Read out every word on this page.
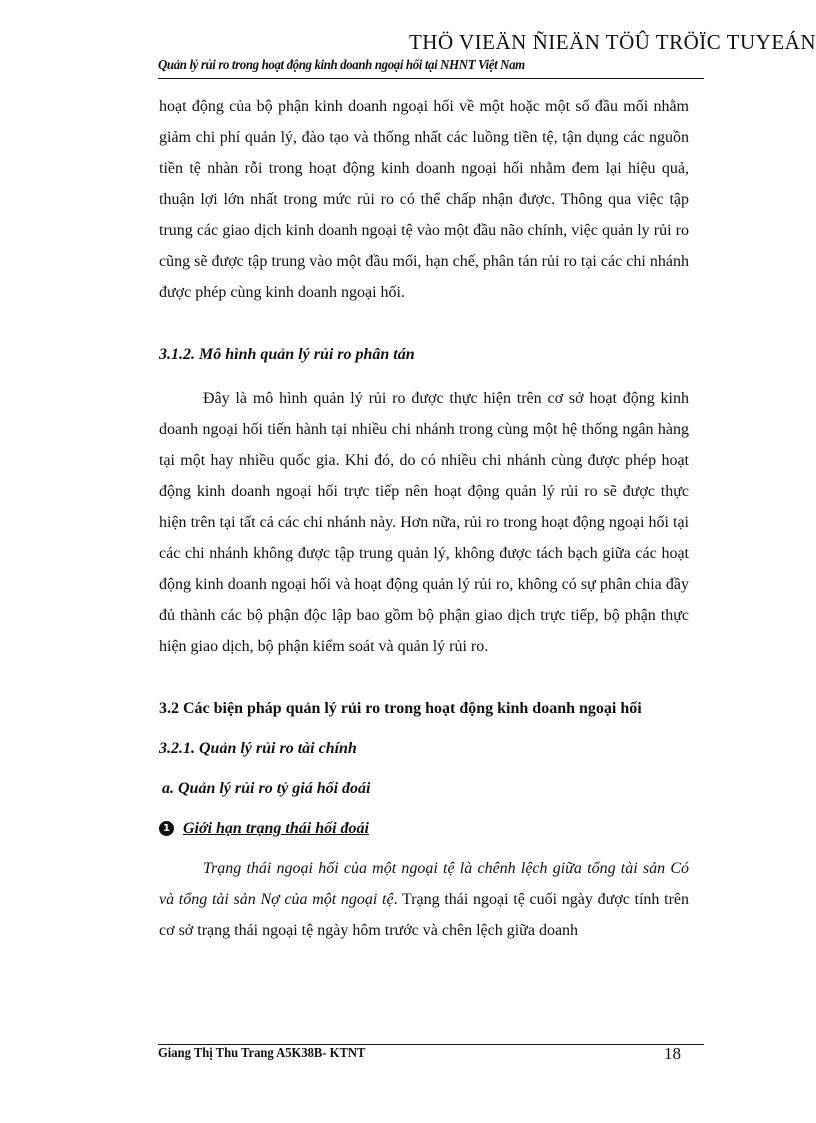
THÖ VIEÄN ÑIEÄN TÖÛ TRÖÏC TUYEÁN
Quản lý rủi ro trong hoạt động kinh doanh ngoại hối tại NHNT Việt Nam

hoạt động của bộ phận kinh doanh ngoại hối về một hoặc một số đầu mối nhằm giảm chi phí quản lý, đào tạo và thống nhất các luồng tiền tệ, tận dụng các nguồn tiền tệ nhàn rỗi trong hoạt động kinh doanh ngoại hối nhằm đem lại hiệu quả, thuận lợi lớn nhất trong mức rủi ro có thể chấp nhận được. Thông qua việc tập trung các giao dịch kinh doanh ngoại tệ vào một đầu não chính, việc quản ly rủi ro cũng sẽ được tập trung vào một đầu mối, hạn chế, phân tán rủi ro tại các chi nhánh được phép cùng kinh doanh ngoại hối.

3.1.2. Mô hình quản lý rủi ro phân tán

Đây là mô hình quản lý rủi ro được thực hiện trên cơ sở hoạt động kinh doanh ngoại hối tiến hành tại nhiều chi nhánh trong cùng một hệ thống ngân hàng tại một hay nhiều quốc gia. Khi đó, do có nhiều chi nhánh cùng được phép hoạt động kinh doanh ngoại hối trực tiếp nên hoạt động quản lý rủi ro sẽ được thực hiện trên tại tất cả các chi nhánh này. Hơn nữa, rủi ro trong hoạt động ngoại hối tại các chi nhánh không được tập trung quản lý, không được tách bạch giữa các hoạt động kinh doanh ngoại hối và hoạt động quản lý rủi ro, không có sự phân chia đầy đủ thành các bộ phận độc lập bao gồm bộ phận giao dịch trực tiếp, bộ phận thực hiện giao dịch, bộ phận kiểm soát và quản lý rủi ro.

3.2 Các biện pháp quản lý rủi ro trong hoạt động kinh doanh ngoại hối
3.2.1. Quản lý rủi ro tài chính
a. Quản lý rủi ro tỷ giá hối đoái
1 Giới hạn trạng thái hối đoái

Trạng thái ngoại hối của một ngoại tệ là chênh lệch giữa tổng tài sản Có và tổng tài sản Nợ của một ngoại tệ. Trạng thái ngoại tệ cuối ngày được tính trên cơ sở trạng thái ngoại tệ ngày hôm trước và chên lệch giữa doanh

Giang Thị Thu Trang A5K38B- KTNT	18
